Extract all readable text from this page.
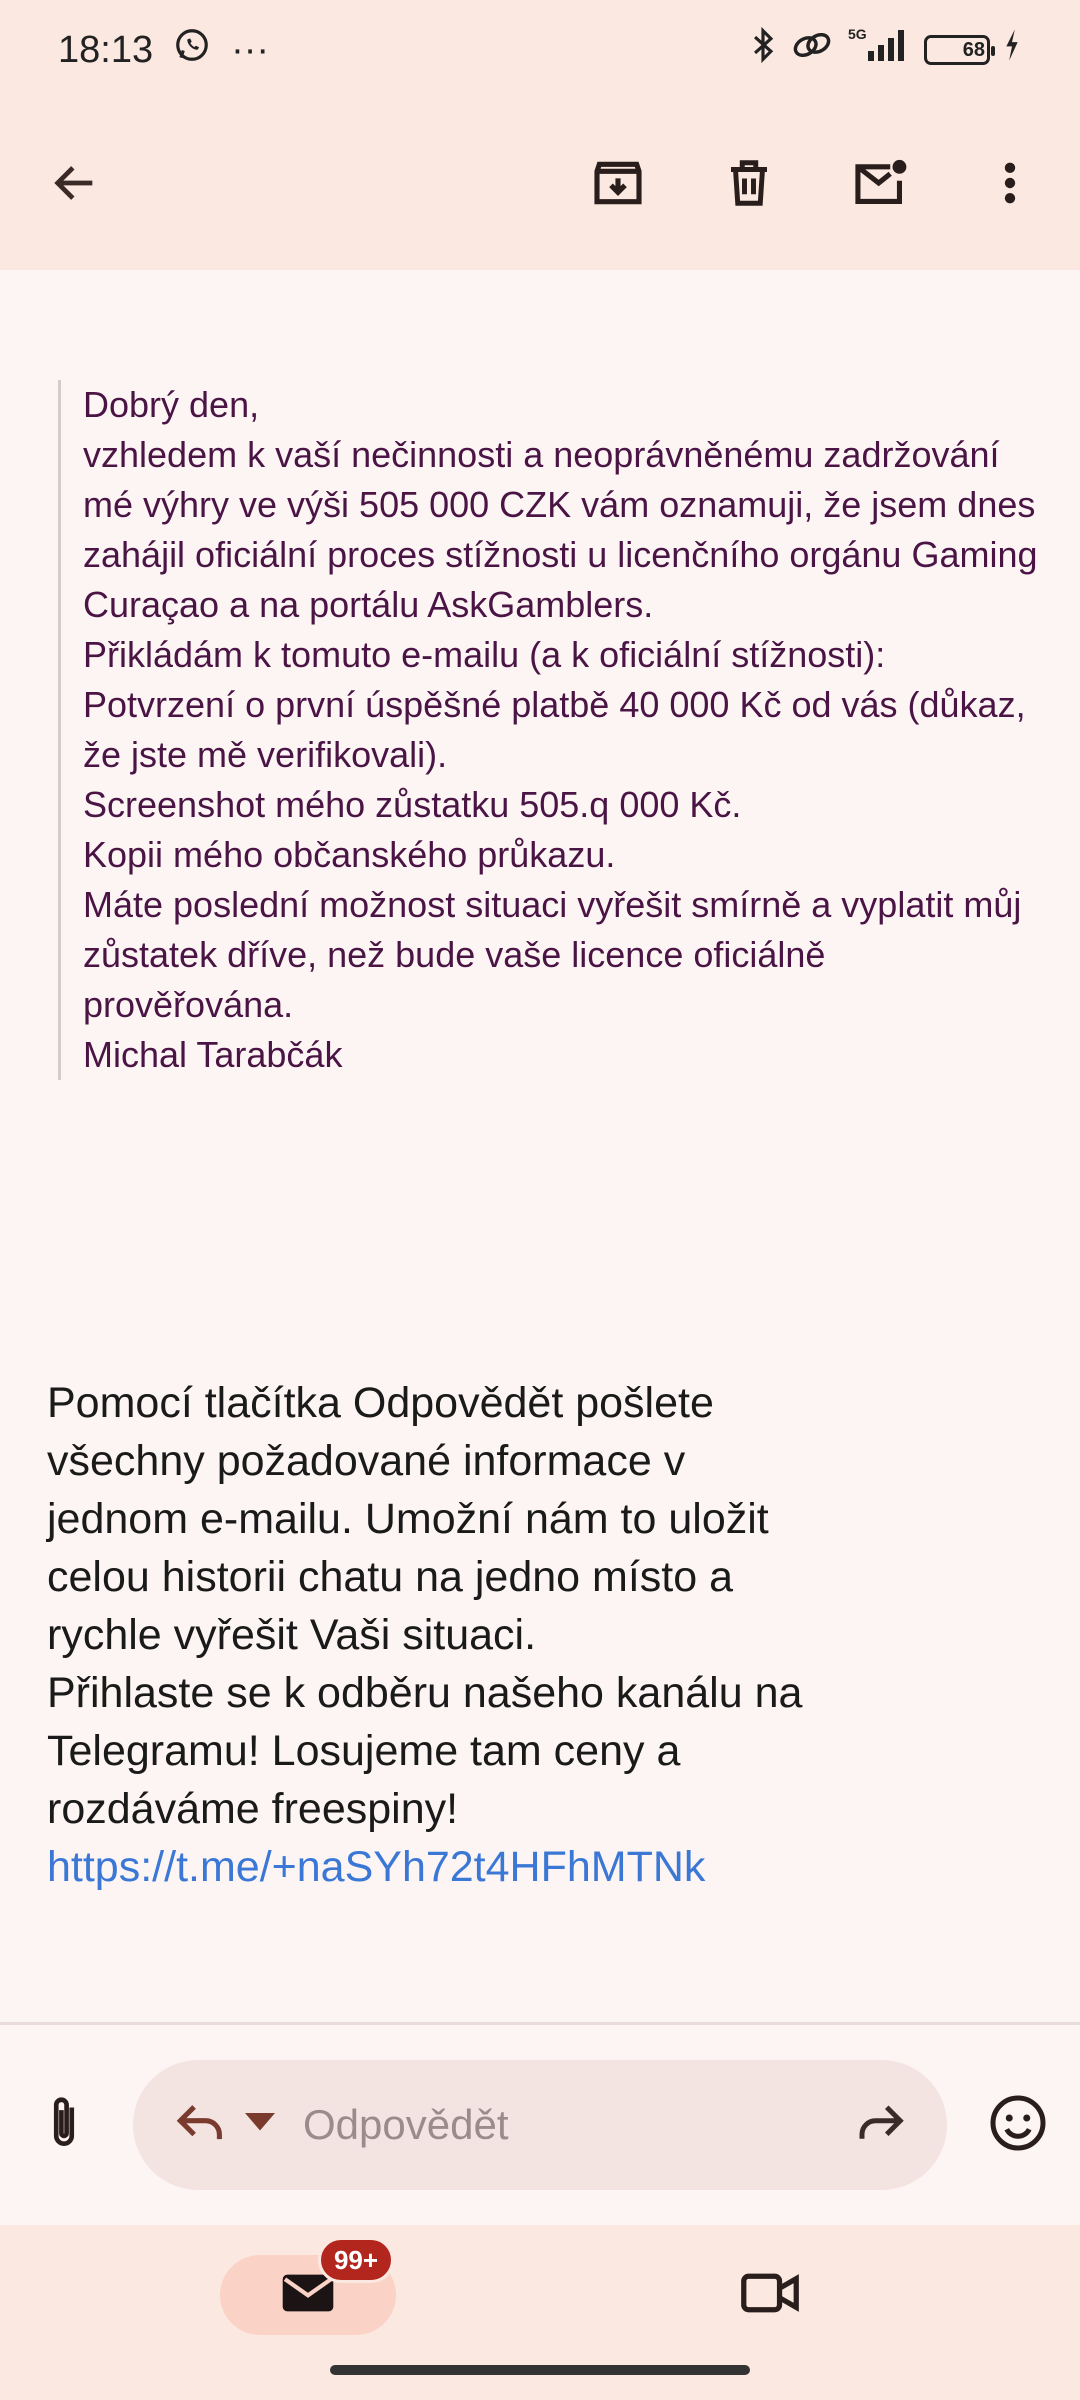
18:13 ···	5G
68
Dobrý den,
vzhledem k vaší nečinnosti a neoprávněnému zadržování mé výhry ve výši 505 000 CZK vám oznamuji, že jsem dnes zahájil oficiální proces stížnosti u licenčního orgánu Gaming Curaçao a na portálu AskGamblers.
Přikládám k tomuto e-mailu (a k oficiální stížnosti):
Potvrzení o první úspěšné platbě 40 000 Kč od vás (důkaz, že jste mě verifikovali).
Screenshot mého zůstatku 505.q 000 Kč.
Kopii mého občanského průkazu.
Máte poslední možnost situaci vyřešit smírně a vyplatit můj zůstatek dříve, než bude vaše licence oficiálně prověřována.
Michal Tarabčák
Pomocí tlačítka Odpovědět pošlete všechny požadované informace v jednom e-mailu. Umožní nám to uložit celou historii chatu na jedno místo a rychle vyřešit Vaši situaci.
Přihlaste se k odběru našeho kanálu na Telegramu! Losujeme tam ceny a rozdáváme freespiny!
https://t.me/+naSYh72t4HFhMTNk
Odpovědět
99+
